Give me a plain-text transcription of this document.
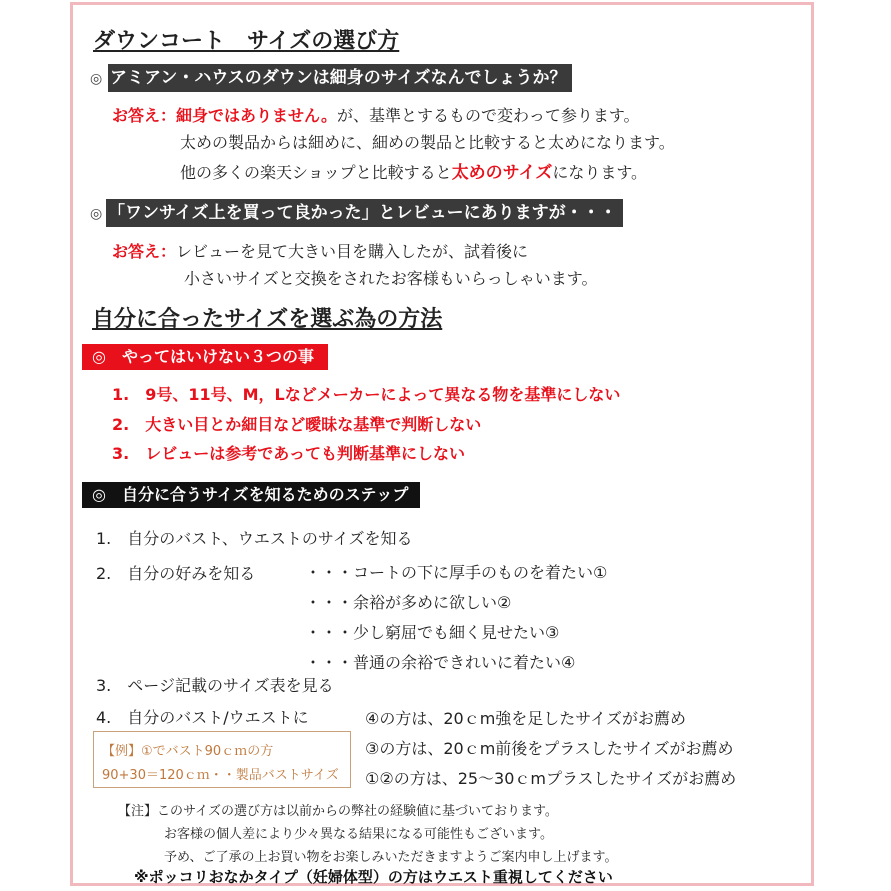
ダウンコート　サイズの選び方
◎ アミアン・ハウスのダウンは細身のサイズなんでしょうか？
お答え：細身ではありません。が、基準とするもので変わって参ります。
太めの製品からは細めに、細めの製品と比較すると太めになります。
他の多くの楽天ショップと比較すると太めのサイズになります。
◎ 「ワンサイズ上を買って良かった」とレビューにありますが・・・
お答え：レビューを見て大きい目を購入したが、試着後に
小さいサイズと交換をされたお客様もいらっしゃいます。
自分に合ったサイズを選ぶ為の方法
◎　やってはいけない３つの事
1.　9号、11号、M，Lなどメーカーによって異なる物を基準にしない
2.　大きい目とか細目など曖昧な基準で判断しない
3.　レビューは参考であっても判断基準にしない
◎　自分に合うサイズを知るためのステップ
1.　自分のバスト、ウエストのサイズを知る
2.　自分の好みを知る	・・・コートの下に厚手のものを着たい①
・・・余裕が多めに欲しい②
・・・少し窮屈でも細く見せたい③
・・・普通の余裕できれいに着たい④
3.　ページ記載のサイズ表を見る
4.　自分のバスト/ウエストに	④の方は、20ｃm強を足したサイズがお薦め
③の方は、20ｃm前後をプラスしたサイズがお薦め
①②の方は、25～30ｃmプラスしたサイズがお薦め
【例】①でバスト90ｃｍの方
90+30＝120ｃｍ・・製品バストサイズ
【注】このサイズの選び方は以前からの弊社の経験値に基づいております。
お客様の個人差により少々異なる結果になる可能性もございます。
予め、ご了承の上お買い物をお楽しみいただきますようご案内申し上げます。
※ポッコリおなかタイプ（妊婦体型）の方はウエスト重視してください
